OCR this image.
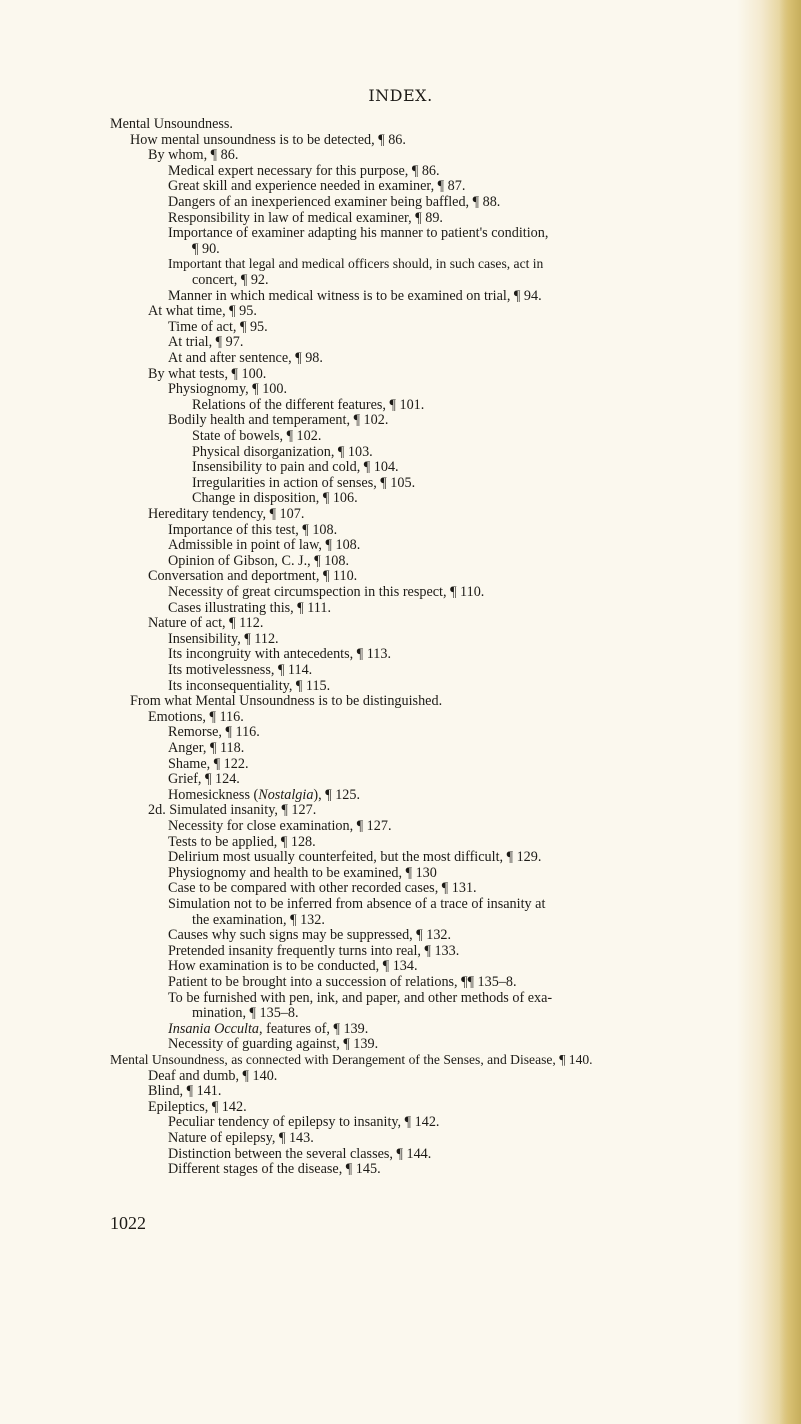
INDEX.
Mental Unsoundness.
How mental unsoundness is to be detected, ¶ 86.
By whom, ¶ 86.
Medical expert necessary for this purpose, ¶ 86.
Great skill and experience needed in examiner, ¶ 87.
Dangers of an inexperienced examiner being baffled, ¶ 88.
Responsibility in law of medical examiner, ¶ 89.
Importance of examiner adapting his manner to patient's condition,
¶ 90.
Important that legal and medical officers should, in such cases, act in
concert, ¶ 92.
Manner in which medical witness is to be examined on trial, ¶ 94.
At what time, ¶ 95.
Time of act, ¶ 95.
At trial, ¶ 97.
At and after sentence, ¶ 98.
By what tests, ¶ 100.
Physiognomy, ¶ 100.
Relations of the different features, ¶ 101.
Bodily health and temperament, ¶ 102.
State of bowels, ¶ 102.
Physical disorganization, ¶ 103.
Insensibility to pain and cold, ¶ 104.
Irregularities in action of senses, ¶ 105.
Change in disposition, ¶ 106.
Hereditary tendency, ¶ 107.
Importance of this test, ¶ 108.
Admissible in point of law, ¶ 108.
Opinion of Gibson, C. J., ¶ 108.
Conversation and deportment, ¶ 110.
Necessity of great circumspection in this respect, ¶ 110.
Cases illustrating this, ¶ 111.
Nature of act, ¶ 112.
Insensibility, ¶ 112.
Its incongruity with antecedents, ¶ 113.
Its motivelessness, ¶ 114.
Its inconsequentiality, ¶ 115.
From what Mental Unsoundness is to be distinguished.
Emotions, ¶ 116.
Remorse, ¶ 116.
Anger, ¶ 118.
Shame, ¶ 122.
Grief, ¶ 124.
Homesickness (Nostalgia), ¶ 125.
2d. Simulated insanity, ¶ 127.
Necessity for close examination, ¶ 127.
Tests to be applied, ¶ 128.
Delirium most usually counterfeited, but the most difficult, ¶ 129.
Physiognomy and health to be examined, ¶ 130
Case to be compared with other recorded cases, ¶ 131.
Simulation not to be inferred from absence of a trace of insanity at
the examination, ¶ 132.
Causes why such signs may be suppressed, ¶ 132.
Pretended insanity frequently turns into real, ¶ 133.
How examination is to be conducted, ¶ 134.
Patient to be brought into a succession of relations, ¶¶ 135–8.
To be furnished with pen, ink, and paper, and other methods of exa-
mination, ¶ 135–8.
Insania Occulta, features of, ¶ 139.
Necessity of guarding against, ¶ 139.
Mental Unsoundness, as connected with Derangement of the Senses, and Disease, ¶ 140.
Deaf and dumb, ¶ 140.
Blind, ¶ 141.
Epileptics, ¶ 142.
Peculiar tendency of epilepsy to insanity, ¶ 142.
Nature of epilepsy, ¶ 143.
Distinction between the several classes, ¶ 144.
Different stages of the disease, ¶ 145.
1022
